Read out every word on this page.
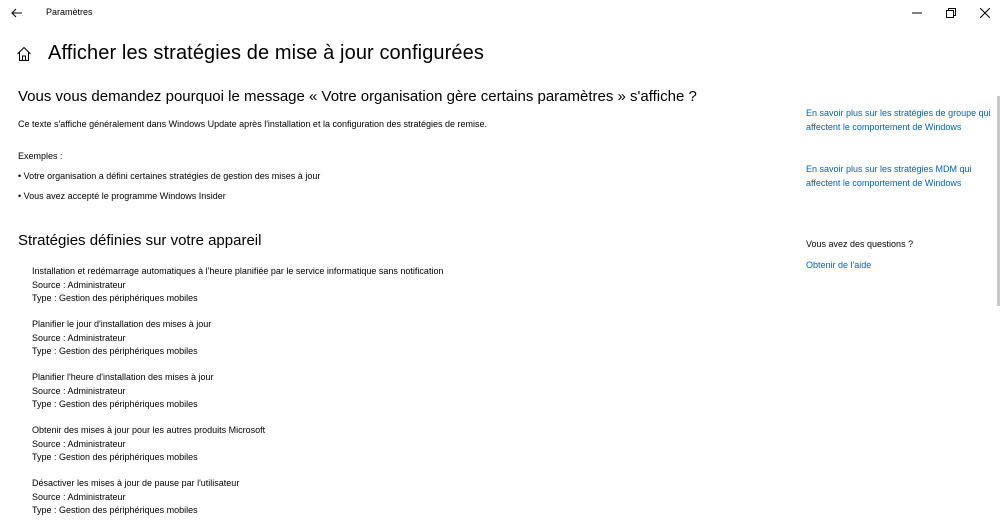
Paramètres
Afficher les stratégies de mise à jour configurées
Vous vous demandez pourquoi le message « Votre organisation gère certains paramètres » s'affiche ?
Ce texte s'affiche généralement dans Windows Update après l'installation et la configuration des stratégies de remise.
Exemples :
• Votre organisation a défini certaines stratégies de gestion des mises à jour
• Vous avez accepté le programme Windows Insider
Stratégies définies sur votre appareil
Installation et redémarrage automatiques à l'heure planifiée par le service informatique sans notification
Source : Administrateur
Type : Gestion des périphériques mobiles
Planifier le jour d'installation des mises à jour
Source : Administrateur
Type : Gestion des périphériques mobiles
Planifier l'heure d'installation des mises à jour
Source : Administrateur
Type : Gestion des périphériques mobiles
Obtenir des mises à jour pour les autres produits Microsoft
Source : Administrateur
Type : Gestion des périphériques mobiles
Désactiver les mises à jour de pause par l'utilisateur
Source : Administrateur
Type : Gestion des périphériques mobiles
En savoir plus sur les stratégies de groupe qui affectent le comportement de Windows
En savoir plus sur les stratégies MDM qui affectent le comportement de Windows
Vous avez des questions ?
Obtenir de l'aide
